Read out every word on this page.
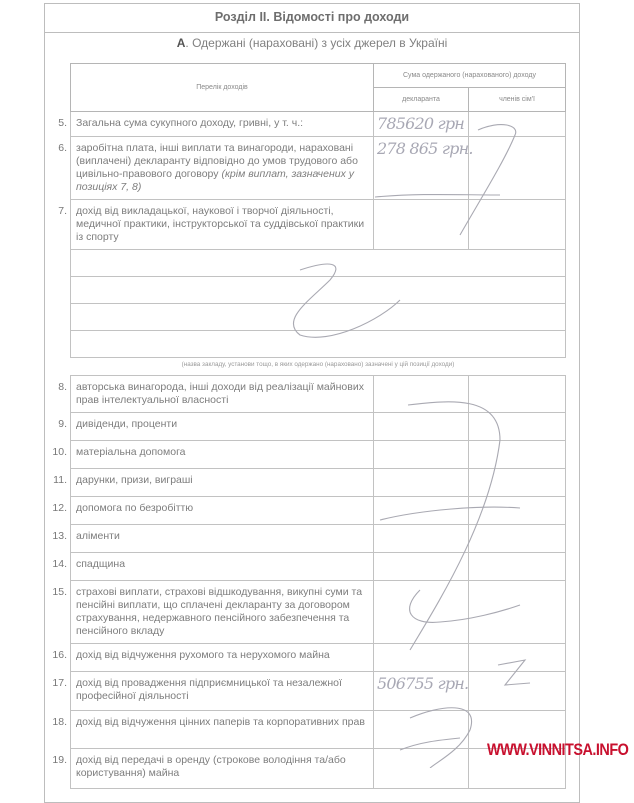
Розділ ІІ. Відомості про доходи
А. Одержані (нараховані) з усіх джерел в Україні
Перелік доходів
Сума одержаного (нарахованого) доходу
декларанта	членів сім'ї
5. Загальна сума сукупного доходу, гривні, у т. ч.:	785620 грн
6. заробітна плата, інші виплати та винагороди, нараховані (виплачені) декларанту відповідно до умов трудового або цивільно-правового договору (крім виплат, зазначених у позиціях 7, 8)
278 865 грн.
7. дохід від викладацької, наукової і творчої діяльності, медичної практики, інструкторської та суддівської практики із спорту
(назва закладу, установи тощо, в яких одержано (нараховано) зазначені у цій позиції доходи)
8. авторська винагорода, інші доходи від реалізації майнових прав інтелектуальної власності
9. дивіденди, проценти
10. матеріальна допомога
11. дарунки, призи, виграші
12. допомога по безробіттю
13. аліменти
14. спадщина
15. страхові виплати, страхові відшкодування, викупні суми та пенсійні виплати, що сплачені декларанту за договором страхування, недержавного пенсійного забезпечення та пенсійного вкладу
16. дохід від відчуження рухомого та нерухомого майна
17. дохід від провадження підприємницької та незалежної професійної діяльності
506755 грн.
18. дохід від відчуження цінних паперів та корпоративних прав
19. дохід від передачі в оренду (строкове володіння та/або користування) майна
WWW.VINNITSA.INFO
